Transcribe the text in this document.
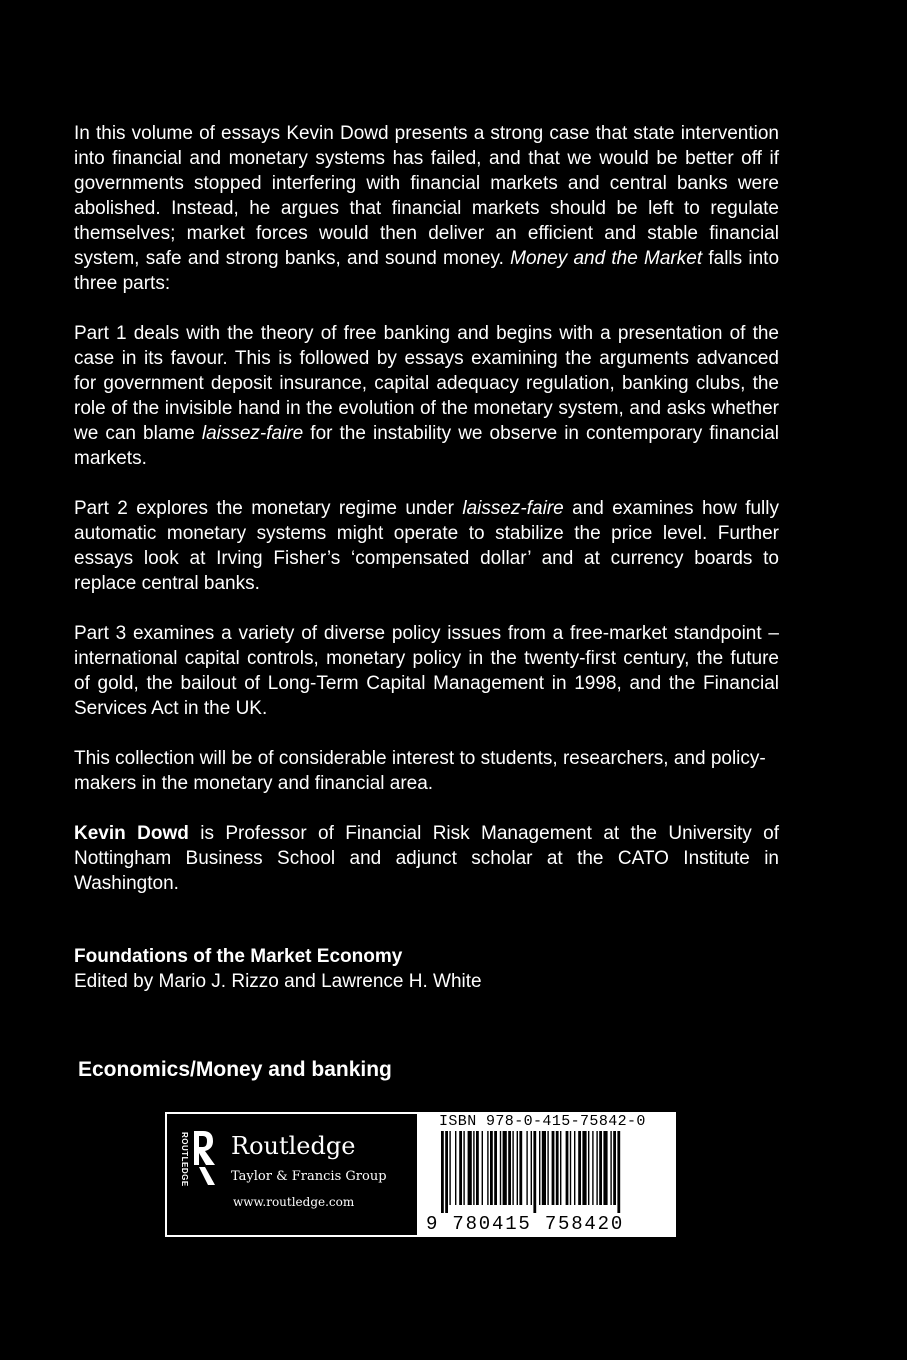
In this volume of essays Kevin Dowd presents a strong case that state intervention into financial and monetary systems has failed, and that we would be better off if governments stopped interfering with financial markets and central banks were abolished. Instead, he argues that financial markets should be left to regulate themselves; market forces would then deliver an efficient and stable financial system, safe and strong banks, and sound money. Money and the Market falls into three parts:

Part 1 deals with the theory of free banking and begins with a presentation of the case in its favour. This is followed by essays examining the arguments advanced for government deposit insurance, capital adequacy regulation, banking clubs, the role of the invisible hand in the evolution of the monetary system, and asks whether we can blame laissez-faire for the instability we observe in contemporary financial markets.

Part 2 explores the monetary regime under laissez-faire and examines how fully automatic monetary systems might operate to stabilize the price level. Further essays look at Irving Fisher’s ‘compensated dollar’ and at currency boards to replace central banks.

Part 3 examines a variety of diverse policy issues from a free-market standpoint – international capital controls, monetary policy in the twenty-first century, the future of gold, the bailout of Long-Term Capital Management in 1998, and the Financial Services Act in the UK.

This collection will be of considerable interest to students, researchers, and policy-makers in the monetary and financial area.

Kevin Dowd is Professor of Financial Risk Management at the University of Nottingham Business School and adjunct scholar at the CATO Institute in Washington.

Foundations of the Market Economy
Edited by Mario J. Rizzo and Lawrence H. White
Economics/Money and banking
ROUTLEDGE Routledge
Taylor & Francis Group
www.routledge.com
ISBN 978-0-415-75842-0
9 780415 758420
